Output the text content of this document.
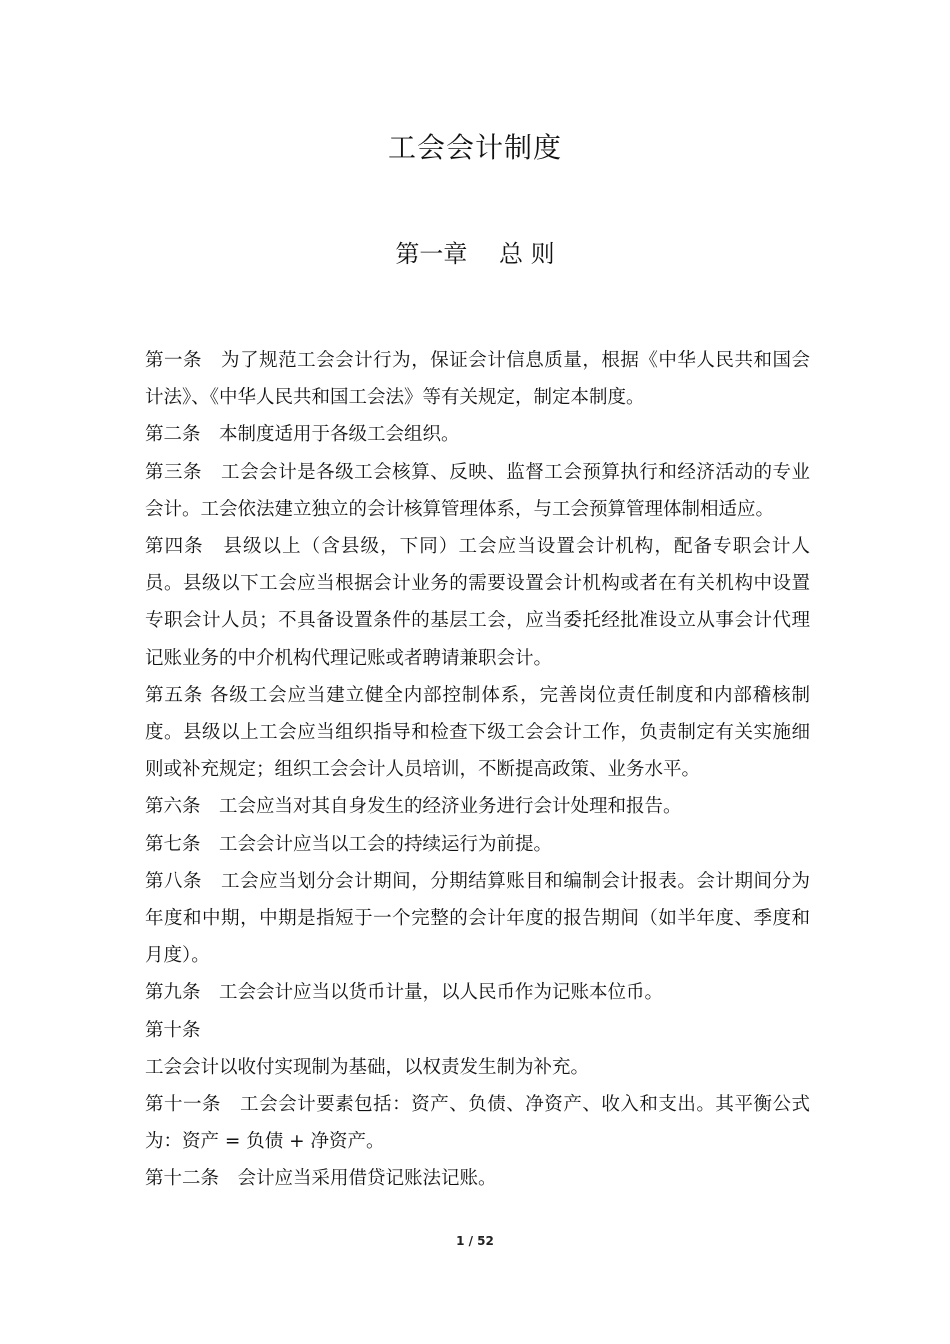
工会会计制度
第一章　 总 则

第一条　为了规范工会会计行为，保证会计信息质量，根据《中华人民共和国会计法》、《中华人民共和国工会法》等有关规定，制定本制度。

第二条　本制度适用于各级工会组织。

第三条　工会会计是各级工会核算、反映、监督工会预算执行和经济活动的专业会计。工会依法建立独立的会计核算管理体系，与工会预算管理体制相适应。

第四条　县级以上（含县级，下同）工会应当设置会计机构，配备专职会计人员。县级以下工会应当根据会计业务的需要设置会计机构或者在有关机构中设置专职会计人员；不具备设置条件的基层工会，应当委托经批准设立从事会计代理记账业务的中介机构代理记账或者聘请兼职会计。

第五条 各级工会应当建立健全内部控制体系，完善岗位责任制度和内部稽核制度。县级以上工会应当组织指导和检查下级工会会计工作，负责制定有关实施细则或补充规定；组织工会会计人员培训，不断提高政策、业务水平。

第六条　工会应当对其自身发生的经济业务进行会计处理和报告。

第七条　工会会计应当以工会的持续运行为前提。

第八条　工会应当划分会计期间，分期结算账目和编制会计报表。会计期间分为年度和中期，中期是指短于一个完整的会计年度的报告期间（如半年度、季度和月度）。

第九条　工会会计应当以货币计量，以人民币作为记账本位币。

第十条

工会会计以收付实现制为基础，以权责发生制为补充。

第十一条　工会会计要素包括：资产、负债、净资产、收入和支出。其平衡公式为：资产 = 负债 + 净资产。

第十二条　会计应当采用借贷记账法记账。

1 / 52
